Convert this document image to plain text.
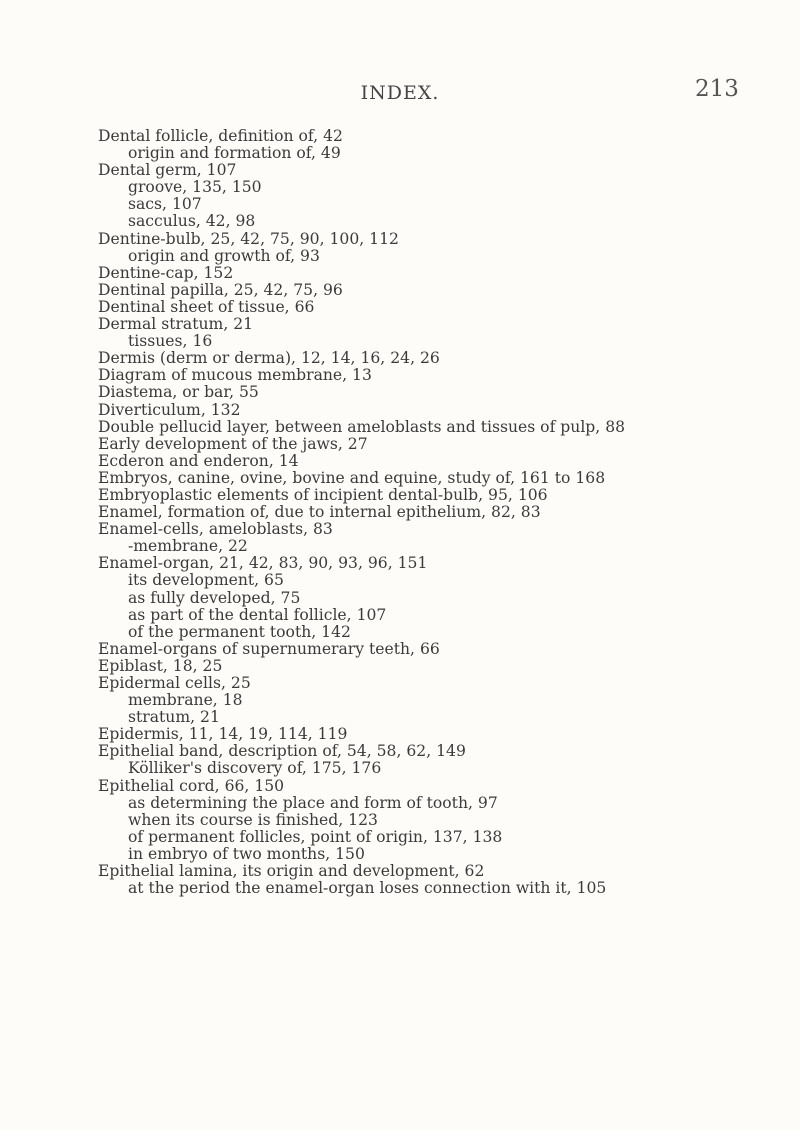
INDEX.	213
Dental follicle, definition of, 42
origin and formation of, 49
Dental germ, 107
groove, 135, 150
sacs, 107
sacculus, 42, 98
Dentine-bulb, 25, 42, 75, 90, 100, 112
origin and growth of, 93
Dentine-cap, 152
Dentinal papilla, 25, 42, 75, 96
Dentinal sheet of tissue, 66
Dermal stratum, 21
tissues, 16
Dermis (derm or derma), 12, 14, 16, 24, 26
Diagram of mucous membrane, 13
Diastema, or bar, 55
Diverticulum, 132
Double pellucid layer, between ameloblasts and tissues of pulp, 88
Early development of the jaws, 27
Ecderon and enderon, 14
Embryos, canine, ovine, bovine and equine, study of, 161 to 168
Embryoplastic elements of incipient dental-bulb, 95, 106
Enamel, formation of, due to internal epithelium, 82, 83
Enamel-cells, ameloblasts, 83
-membrane, 22
Enamel-organ, 21, 42, 83, 90, 93, 96, 151
its development, 65
as fully developed, 75
as part of the dental follicle, 107
of the permanent tooth, 142
Enamel-organs of supernumerary teeth, 66
Epiblast, 18, 25
Epidermal cells, 25
membrane, 18
stratum, 21
Epidermis, 11, 14, 19, 114, 119
Epithelial band, description of, 54, 58, 62, 149
Kölliker's discovery of, 175, 176
Epithelial cord, 66, 150
as determining the place and form of tooth, 97
when its course is finished, 123
of permanent follicles, point of origin, 137, 138
in embryo of two months, 150
Epithelial lamina, its origin and development, 62
at the period the enamel-organ loses connection with it, 105
